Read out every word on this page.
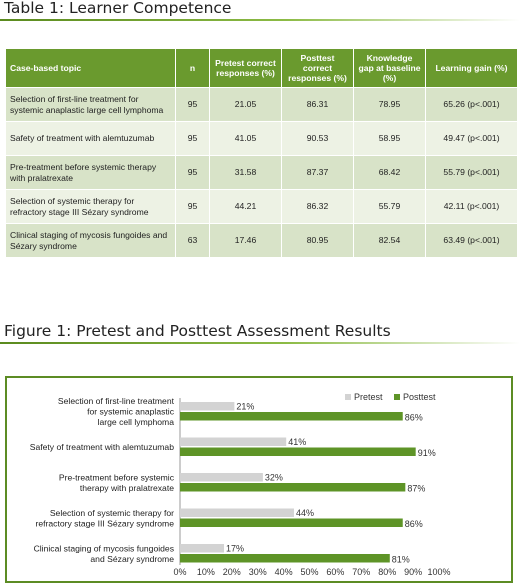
Table 1: Learner Competence
Case-based topic	n	Pretest correct responses (%)	Posttest correct responses (%)	Knowledge gap at baseline (%)	Learning gain (%)
Selection of first-line treatment for systemic anaplastic large cell lymphoma	95	21.05	86.31	78.95	65.26 (p<.001)
Safety of treatment with alemtuzumab	95	41.05	90.53	58.95	49.47 (p<.001)
Pre-treatment before systemic therapy with pralatrexate	95	31.58	87.37	68.42	55.79 (p<.001)
Selection of systemic therapy for refractory stage III Sézary syndrome	95	44.21	86.32	55.79	42.11 (p<.001)
Clinical staging of mycosis fungoides and Sézary syndrome	63	17.46	80.95	82.54	63.49 (p<.001)
Figure 1: Pretest and Posttest Assessment Results
Pretest Posttest
21%
86%
Selection of first-line treatment for systemic anaplastic large cell lymphoma
41%
91%
Safety of treatment with alemtuzumab
32%
87%
Pre-treatment before systemic therapy with pralatrexate
44%
86%
Selection of systemic therapy for refractory stage III Sézary syndrome
17%
81%
Clinical staging of mycosis fungoides and Sézary syndrome
0% 10% 20% 30% 40% 50% 60% 70% 80% 90% 100%
